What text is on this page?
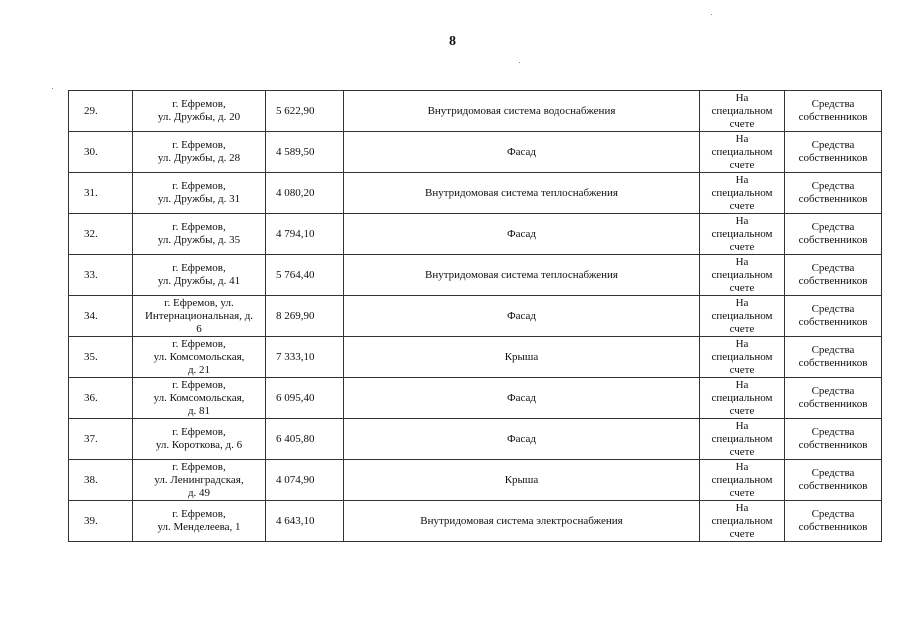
8
29.	г. Ефремов,
ул. Дружбы, д. 20	5 622,90	Внутридомовая система водоснабжения	На
специальном
счете	Средства
собственников

30.	г. Ефремов,
ул. Дружбы, д. 28	4 589,50	Фасад	На
специальном
счете	Средства
собственников

31.	г. Ефремов,
ул. Дружбы, д. 31	4 080,20	Внутридомовая система теплоснабжения	На
специальном
счете	Средства
собственников

32.	г. Ефремов,
ул. Дружбы, д. 35	4 794,10	Фасад	На
специальном
счете	Средства
собственников

33.	г. Ефремов,
ул. Дружбы, д. 41	5 764,40	Внутридомовая система теплоснабжения	На
специальном
счете	Средства
собственников

34.	г. Ефремов, ул.
Интернациональная, д.
6	8 269,90	Фасад	На
специальном
счете	Средства
собственников

35.	г. Ефремов,
ул. Комсомольская,
д. 21	7 333,10	Крыша	На
специальном
счете	Средства
собственников

36.	г. Ефремов,
ул. Комсомольская,
д. 81	6 095,40	Фасад	На
специальном
счете	Средства
собственников

37.	г. Ефремов,
ул. Короткова, д. 6	6 405,80	Фасад	На
специальном
счете	Средства
собственников

38.	г. Ефремов,
ул. Ленинградская,
д. 49	4 074,90	Крыша	На
специальном
счете	Средства
собственников

39.	г. Ефремов,
ул. Менделеева, 1	4 643,10	Внутридомовая система электроснабжения	На
специальном
счете	Средства
собственников
